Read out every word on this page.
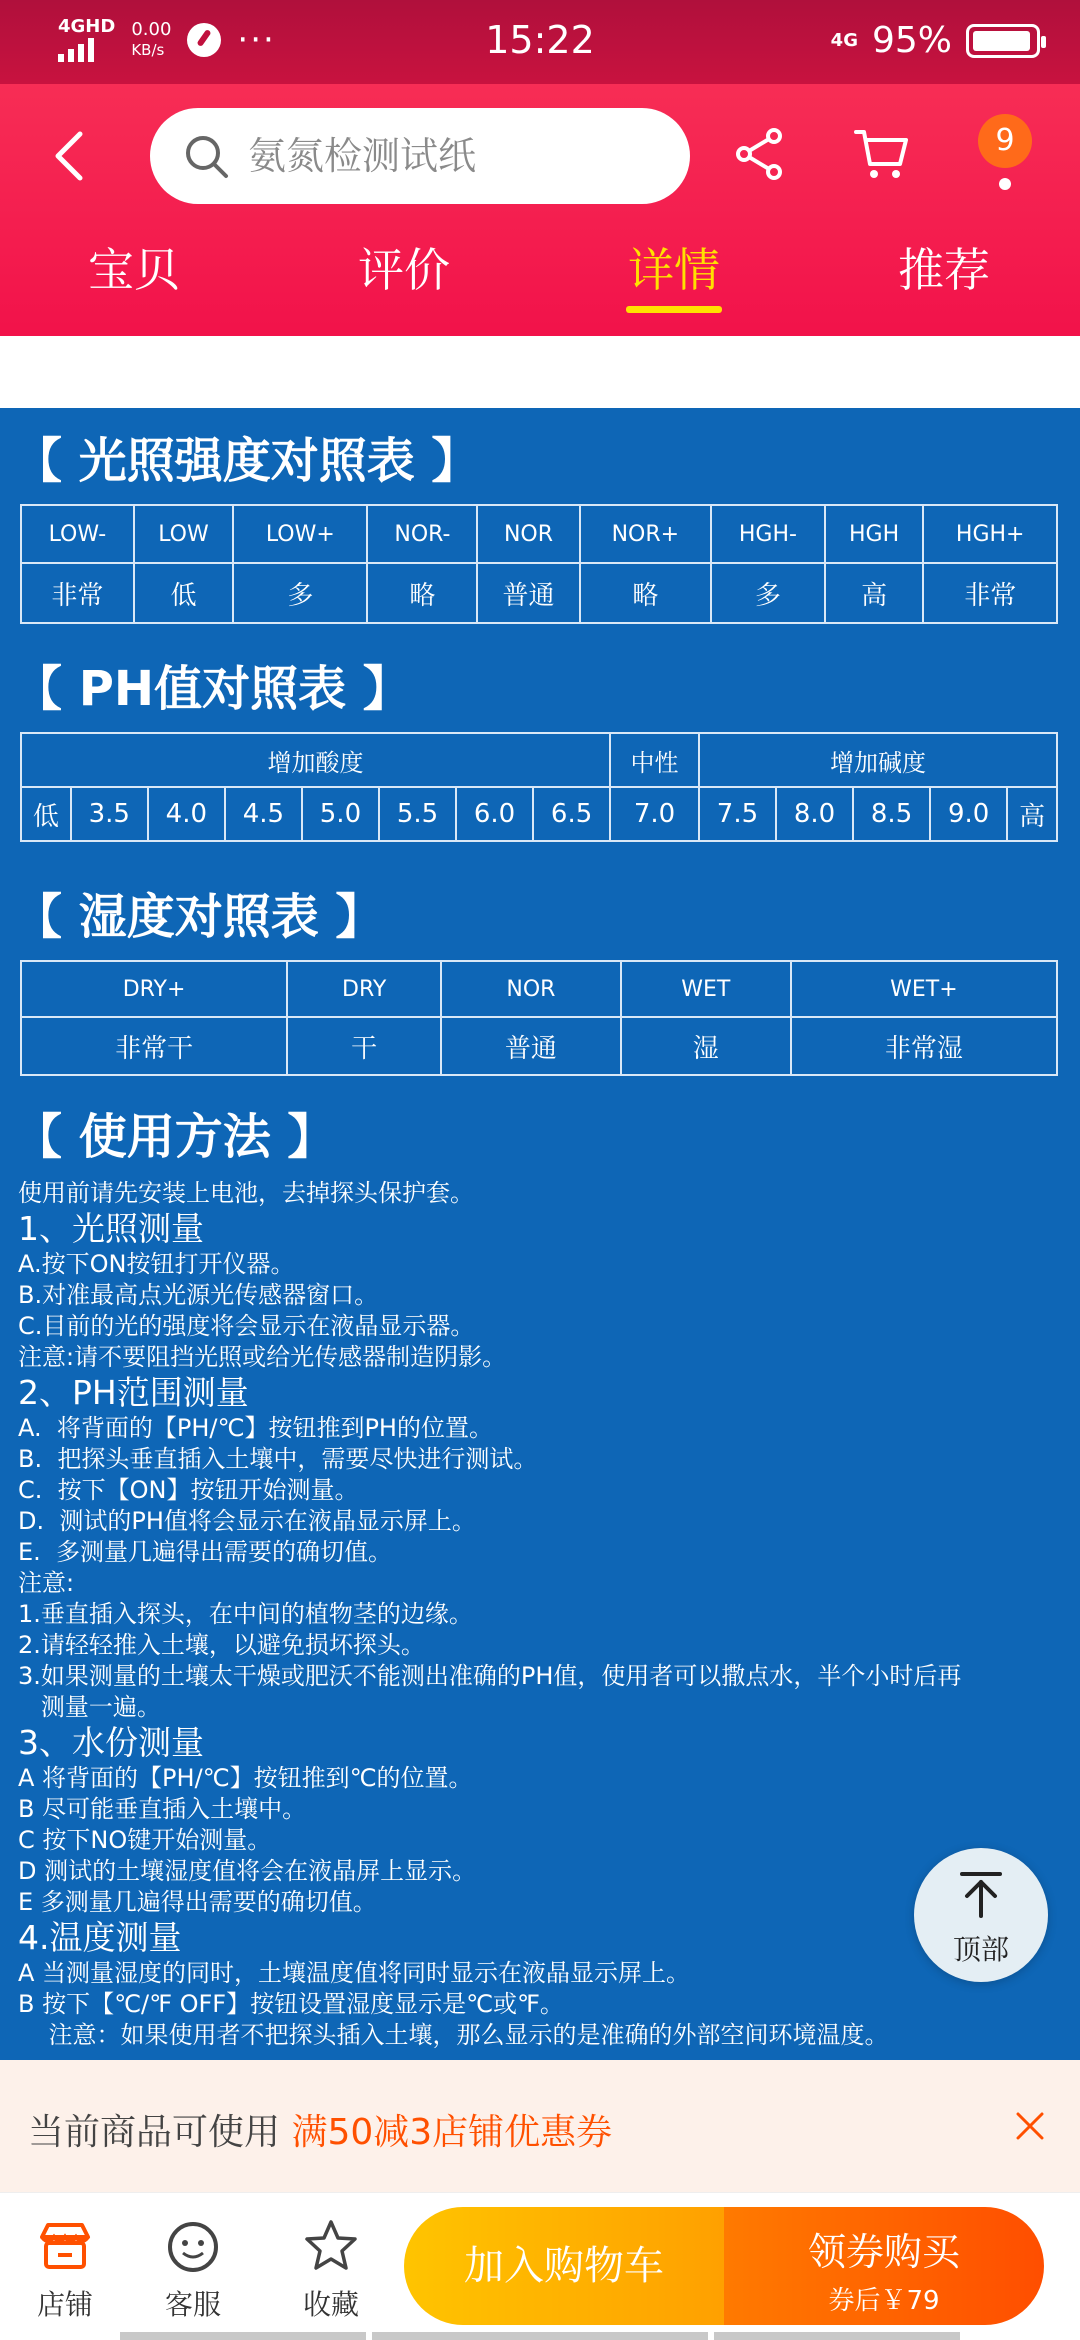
4GHD 0.00
KB/s ···	15:22	4G 95%
氨氮检测试纸
9
宝贝	评价	详情	推荐
【 光照强度对照表 】
LOW-	LOW	LOW+	NOR-	NOR	NOR+	HGH-	HGH	HGH+
非常	低	多	略	普通	略	多	高	非常
【 PH值对照表 】
增加酸度								中性	增加碱度				
低	3.5	4.0	4.5	5.0	5.5	6.0	6.5	7.0	7.5	8.0	8.5	9.0	高
【 湿度对照表 】
DRY+	DRY	NOR	WET	WET+
非常干	干	普通	湿	非常湿
【 使用方法 】

使用前请先安装上电池，去掉探头保护套。

1、光照测量

A.按下ON按钮打开仪器。

B.对准最高点光源光传感器窗口。

C.目前的光的强度将会显示在液晶显示器。

注意:请不要阻挡光照或给光传感器制造阴影。

2、PH范围测量

A.  将背面的【PH/℃】按钮推到PH的位置。

B.  把探头垂直插入土壤中，需要尽快进行测试。

C.  按下【ON】按钮开始测量。

D.  测试的PH值将会显示在液晶显示屏上。

E.  多测量几遍得出需要的确切值。

注意:

1.垂直插入探头，在中间的植物茎的边缘。

2.请轻轻推入土壤，以避免损坏探头。

3.如果测量的土壤太干燥或肥沃不能测出准确的PH值，使用者可以撒点水，半个小时后再

测量一遍。

3、水份测量

A 将背面的【PH/℃】按钮推到℃的位置。

B 尽可能垂直插入土壤中。

C 按下NO键开始测量。

D 测试的土壤湿度值将会在液晶屏上显示。

E 多测量几遍得出需要的确切值。

4.温度测量

A 当测量湿度的同时，土壤温度值将同时显示在液晶显示屏上。

B 按下【℃/℉ OFF】按钮设置湿度显示是℃或℉。

注意：如果使用者不把探头插入土壤，那么显示的是准确的外部空间环境温度。

顶部
当前商品可使用 满50减3店铺优惠券
店铺	客服	收藏
加入购物车	领券购买
券后￥79
